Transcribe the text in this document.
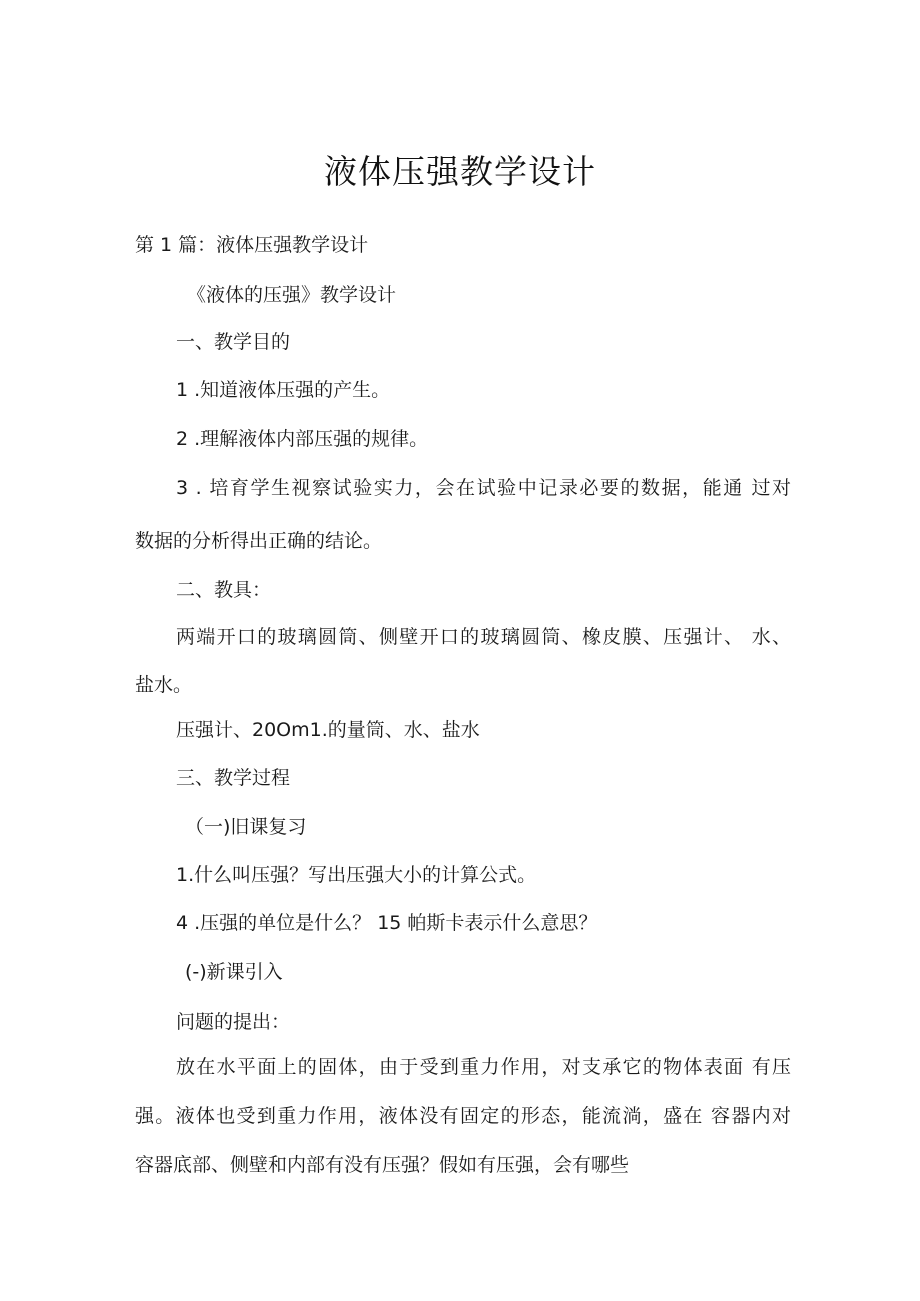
液体压强教学设计
第 1 篇：液体压强教学设计
《液体的压强》教学设计
一、教学目的
1 .知道液体压强的产生。
2 .理解液体内部压强的规律。
3 . 培育学生视察试验实力，会在试验中记录必要的数据，能通 过对
数据的分析得出正确的结论。
二、教具：
两端开口的玻璃圆筒、侧壁开口的玻璃圆筒、橡皮膜、压强计、 水、
盐水。
压强计、20Om1.的量筒、水、盐水
三、教学过程
（一)旧课复习
1.什么叫压强？写出压强大小的计算公式。
4 .压强的单位是什么？ 15 帕斯卡表示什么意思？
(-)新课引入
问题的提出：
放在水平面上的固体，由于受到重力作用，对支承它的物体表面 有压
强。液体也受到重力作用，液体没有固定的形态，能流淌，盛在 容器内对
容器底部、侧壁和内部有没有压强？假如有压强，会有哪些
